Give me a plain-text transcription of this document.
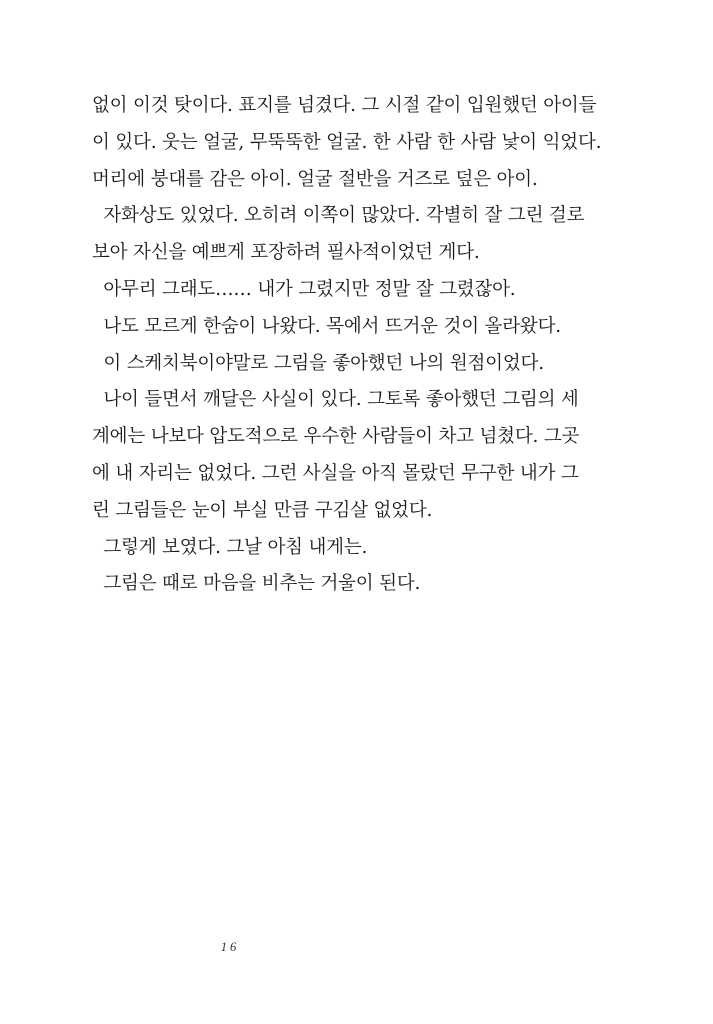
없이 이것 탓이다. 표지를 넘겼다. 그 시절 같이 입원했던 아이들
이 있다. 웃는 얼굴, 무뚝뚝한 얼굴. 한 사람 한 사람 낯이 익었다.
머리에 붕대를 감은 아이. 얼굴 절반을 거즈로 덮은 아이.
자화상도 있었다. 오히려 이쪽이 많았다. 각별히 잘 그린 걸로
보아 자신을 예쁘게 포장하려 필사적이었던 게다.
아무리 그래도…… 내가 그렸지만 정말 잘 그렸잖아.
나도 모르게 한숨이 나왔다. 목에서 뜨거운 것이 올라왔다.
이 스케치북이야말로 그림을 좋아했던 나의 원점이었다.
나이 들면서 깨달은 사실이 있다. 그토록 좋아했던 그림의 세
계에는 나보다 압도적으로 우수한 사람들이 차고 넘쳤다. 그곳
에 내 자리는 없었다. 그런 사실을 아직 몰랐던 무구한 내가 그
린 그림들은 눈이 부실 만큼 구김살 없었다.
그렇게 보였다. 그날 아침 내게는.
그림은 때로 마음을 비추는 거울이 된다.
16
